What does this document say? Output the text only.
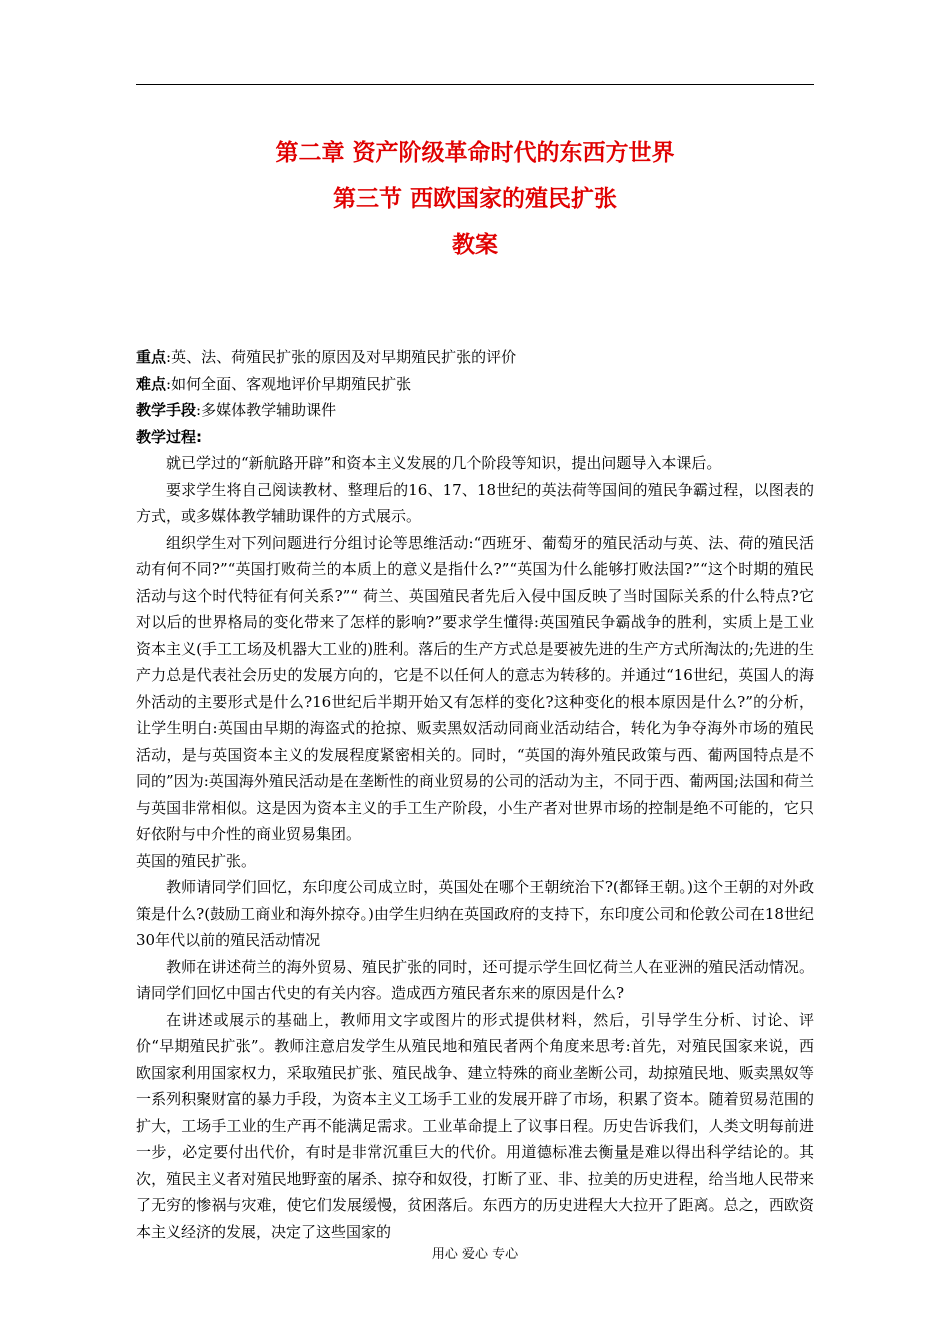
第二章 资产阶级革命时代的东西方世界
第三节 西欧国家的殖民扩张
教案
重点:英、法、荷殖民扩张的原因及对早期殖民扩张的评价
难点:如何全面、客观地评价早期殖民扩张
教学手段:多媒体教学辅助课件
教学过程:

就已学过的“新航路开辟”和资本主义发展的几个阶段等知识，提出问题导入本课后。

要求学生将自己阅读教材、整理后的16、17、18世纪的英法荷等国间的殖民争霸过程，以图表的方式，或多媒体教学辅助课件的方式展示。

组织学生对下列问题进行分组讨论等思维活动:“西班牙、葡萄牙的殖民活动与英、法、荷的殖民活动有何不同?”“英国打败荷兰的本质上的意义是指什么?”“英国为什么能够打败法国?”“这个时期的殖民活动与这个时代特征有何关系?”“ 荷兰、英国殖民者先后入侵中国反映了当时国际关系的什么特点?它对以后的世界格局的变化带来了怎样的影响?”要求学生懂得:英国殖民争霸战争的胜利，实质上是工业资本主义(手工工场及机器大工业的)胜利。落后的生产方式总是要被先进的生产方式所淘汰的;先进的生产力总是代表社会历史的发展方向的，它是不以任何人的意志为转移的。并通过“16世纪，英国人的海外活动的主要形式是什么?16世纪后半期开始又有怎样的变化?这种变化的根本原因是什么?”的分析，让学生明白:英国由早期的海盗式的抢掠、贩卖黑奴活动同商业活动结合，转化为争夺海外市场的殖民活动，是与英国资本主义的发展程度紧密相关的。同时，“英国的海外殖民政策与西、葡两国特点是不同的”因为:英国海外殖民活动是在垄断性的商业贸易的公司的活动为主，不同于西、葡两国;法国和荷兰与英国非常相似。这是因为资本主义的手工生产阶段，小生产者对世界市场的控制是绝不可能的，它只好依附与中介性的商业贸易集团。

英国的殖民扩张。

教师请同学们回忆，东印度公司成立时，英国处在哪个王朝统治下?(都铎王朝。)这个王朝的对外政策是什么?(鼓励工商业和海外掠夺。)由学生归纳在英国政府的支持下，东印度公司和伦敦公司在18世纪30年代以前的殖民活动情况

教师在讲述荷兰的海外贸易、殖民扩张的同时，还可提示学生回忆荷兰人在亚洲的殖民活动情况。请同学们回忆中国古代史的有关内容。造成西方殖民者东来的原因是什么?

在讲述或展示的基础上，教师用文字或图片的形式提供材料，然后，引导学生分析、讨论、评价“早期殖民扩张”。教师注意启发学生从殖民地和殖民者两个角度来思考:首先，对殖民国家来说，西欧国家利用国家权力，采取殖民扩张、殖民战争、建立特殊的商业垄断公司，劫掠殖民地、贩卖黑奴等一系列积聚财富的暴力手段，为资本主义工场手工业的发展开辟了市场，积累了资本。随着贸易范围的扩大，工场手工业的生产再不能满足需求。工业革命提上了议事日程。历史告诉我们，人类文明每前进一步，必定要付出代价，有时是非常沉重巨大的代价。用道德标准去衡量是难以得出科学结论的。其次，殖民主义者对殖民地野蛮的屠杀、掠夺和奴役，打断了亚、非、拉美的历史进程，给当地人民带来了无穷的惨祸与灾难，使它们发展缓慢，贫困落后。东西方的历史进程大大拉开了距离。总之，西欧资本主义经济的发展，决定了这些国家的

用心 爱心 专心
